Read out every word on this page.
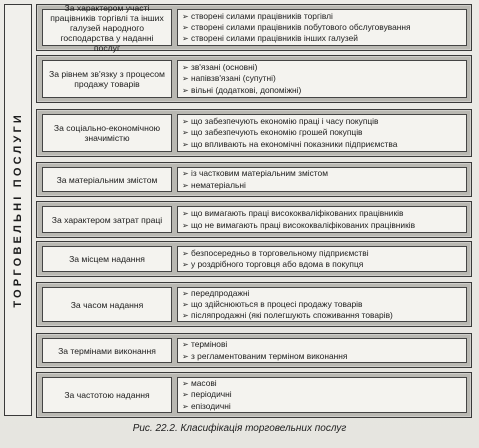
ТОРГОВЕЛЬНІ ПОСЛУГИ
За характером участі працівників торгівлі та інших галузей народного господарства у наданні послуг
➢ створені силами працівників торгівлі
➢ створені силами працівників побутового обслуговування
➢ створені силами працівників інших галузей
За рівнем зв'язку з процесом продажу товарів
➢ зв'язані (основні)
➢ напівзв'язані (супутні)
➢ вільні (додаткові, допоміжні)
За соціально-економічною значимістю
➢ що забезпечують економію праці і часу покупців
➢ що забезпечують економію грошей покупців
➢ що впливають на економічні показники підприємства
За матеріальним змістом
➢ із частковим матеріальним змістом
➢ нематеріальні
За характером затрат праці
➢ що вимагають праці висококваліфікованих працівників
➢ що не вимагають праці висококваліфікованих працівників
За місцем надання
➢ безпосередньо в торговельному підприємстві
➢ у роздрібного торговця або вдома в покупця
За часом надання
➢ передпродажні
➢ що здійснюються в процесі продажу товарів
➢ післяпродажні (які полегшують споживання товарів)
За термінами виконання
➢ термінові
➢ з регламентованим терміном виконання
За частотою надання
➢ масові
➢ періодичні
➢ епізодичні
Рис. 22.2. Класифікація торговельних послуг
